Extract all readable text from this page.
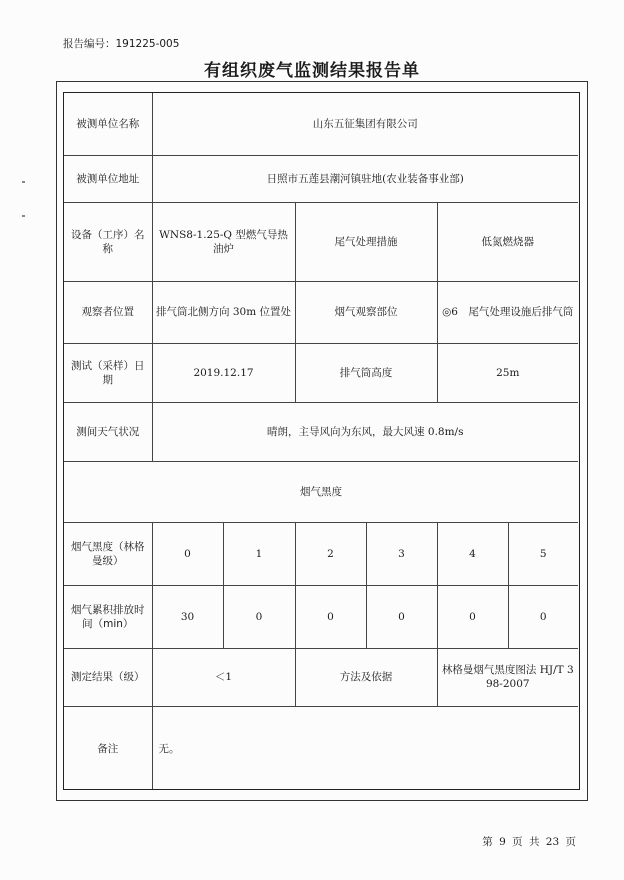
报告编号：191225-005
有组织废气监测结果报告单
被测单位名称	山东五征集团有限公司					
被测单位地址	日照市五莲县潮河镇驻地(农业装备事业部)					
设备（工序）名称	WNS8-1.25-Q 型燃气导热油炉		尾气处理措施		低氮燃烧器	
观察者位置	排气筒北侧方向 30m 位置处		烟气观察部位		◎6　尾气处理设施后排气筒	
测试（采样）日期	2019.12.17		排气筒高度		25m	
测间天气状况	晴朗，主导风向为东风，最大风速 0.8m/s					
烟气黑度						
烟气黑度（林格曼级）	0	1	2	3	4	5
烟气累积排放时间（min）	30	0	0	0	0	0
测定结果（级）	＜1		方法及依据		林格曼烟气黑度图法 HJ/T 398-2007	
备注	无。					
第 9 页 共 23 页
